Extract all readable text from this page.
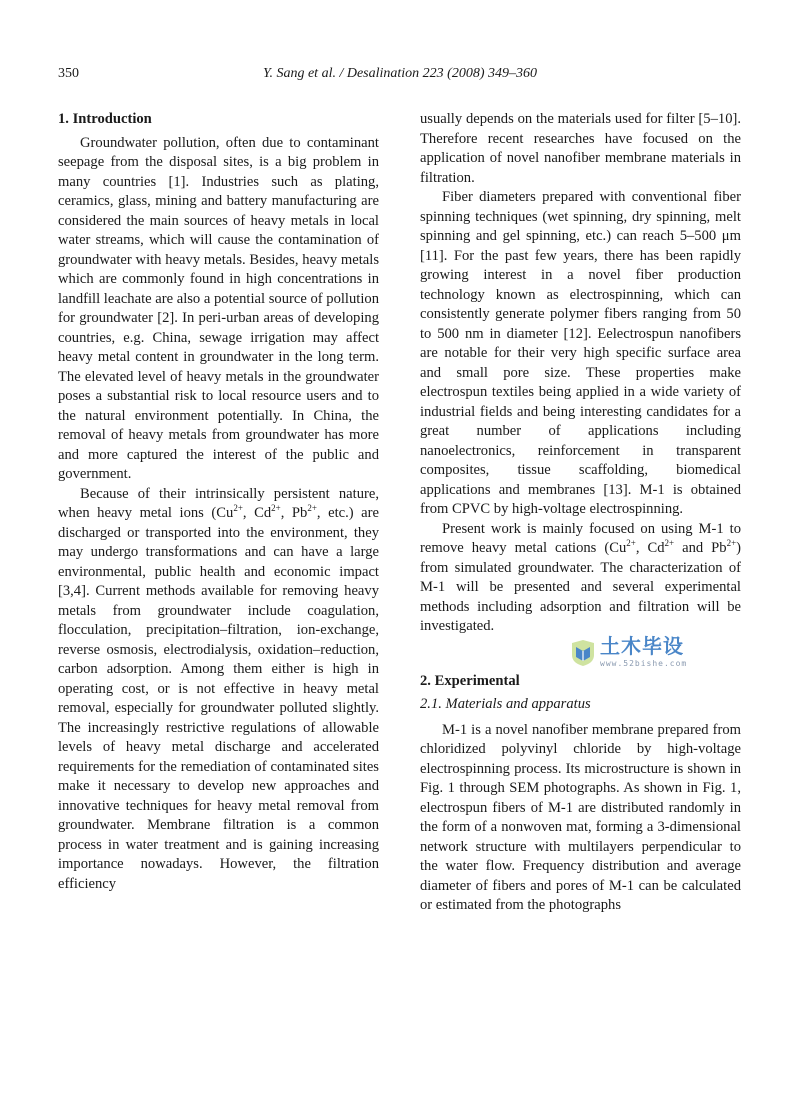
350	Y. Sang et al. / Desalination 223 (2008) 349–360
1. Introduction

Groundwater pollution, often due to contaminant seepage from the disposal sites, is a big problem in many countries [1]. Industries such as plating, ceramics, glass, mining and battery manufacturing are considered the main sources of heavy metals in local water streams, which will cause the contamination of groundwater with heavy metals. Besides, heavy metals which are commonly found in high concentrations in landfill leachate are also a potential source of pollution for groundwater [2]. In peri-urban areas of developing countries, e.g. China, sewage irrigation may affect heavy metal content in groundwater in the long term. The elevated level of heavy metals in the groundwater poses a substantial risk to local resource users and to the natural environment potentially. In China, the removal of heavy metals from groundwater has more and more captured the interest of the public and government.

Because of their intrinsically persistent nature, when heavy metal ions ($Cu^{2+}$, $Cd^{2+}$, $Pb^{2+}$, etc.) are discharged or transported into the environment, they may undergo transformations and can have a large environmental, public health and economic impact [3,4]. Current methods available for removing heavy metals from groundwater include coagulation, flocculation, precipitation–filtration, ion-exchange, reverse osmosis, electrodialysis, oxidation–reduction, carbon adsorption. Among them either is high in operating cost, or is not effective in heavy metal removal, especially for groundwater polluted slightly. The increasingly restrictive regulations of allowable levels of heavy metal discharge and accelerated requirements for the remediation of contaminated sites make it necessary to develop new approaches and innovative techniques for heavy metal removal from groundwater. Membrane filtration is a common process in water treatment and is gaining increasing importance nowadays. However, the filtration efficiency

usually depends on the materials used for filter [5–10]. Therefore recent researches have focused on the application of novel nanofiber membrane materials in filtration.

Fiber diameters prepared with conventional fiber spinning techniques (wet spinning, dry spinning, melt spinning and gel spinning, etc.) can reach 5–500 μm [11]. For the past few years, there has been rapidly growing interest in a novel fiber production technology known as electrospinning, which can consistently generate polymer fibers ranging from 50 to 500 nm in diameter [12]. Eelectrospun nanofibers are notable for their very high specific surface area and small pore size. These properties make electrospun textiles being applied in a wide variety of industrial fields and being interesting candidates for a great number of applications including nanoelectronics, reinforcement in transparent composites, tissue scaffolding, biomedical applications and membranes [13]. M-1 is obtained from CPVC by high-voltage electrospinning.

Present work is mainly focused on using M-1 to remove heavy metal cations ($Cu^{2+}$, $Cd^{2+}$ and $Pb^{2+}$) from simulated groundwater. The characterization of M-1 will be presented and several experimental methods including adsorption and filtration will be investigated.

土木毕设
www.52bishe.com
2. Experimental
2.1. Materials and apparatus

M-1 is a novel nanofiber membrane prepared from chloridized polyvinyl chloride by high-voltage electrospinning process. Its microstructure is shown in Fig. 1 through SEM photographs. As shown in Fig. 1, electrospun fibers of M-1 are distributed randomly in the form of a nonwoven mat, forming a 3-dimensional network structure with multilayers perpendicular to the water flow. Frequency distribution and average diameter of fibers and pores of M-1 can be calculated or estimated from the photographs
